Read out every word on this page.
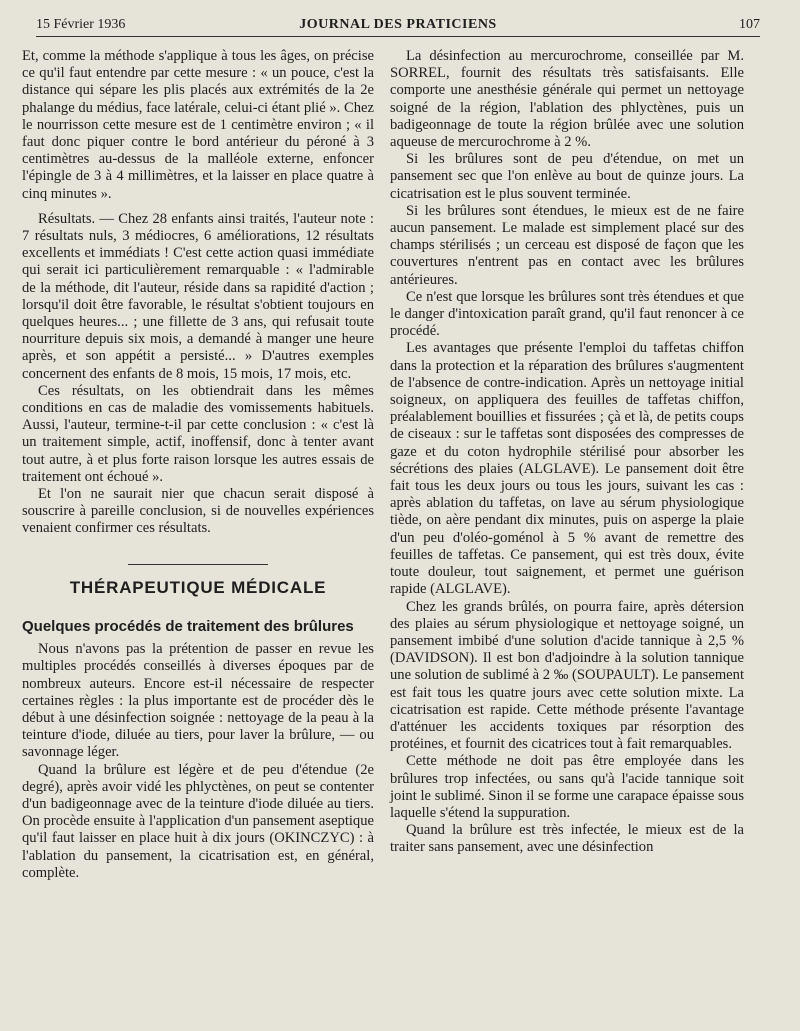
15 Février 1936	JOURNAL DES PRATICIENS	107

Et, comme la méthode s'applique à tous les âges, on précise ce qu'il faut entendre par cette mesure : « un pouce, c'est la distance qui sépare les plis placés aux extrémités de la 2e phalange du médius, face latérale, celui-ci étant plié ». Chez le nourrisson cette mesure est de 1 centimètre environ ; « il faut donc piquer contre le bord antérieur du péroné à 3 centimètres au-dessus de la malléole externe, enfoncer l'épingle de 3 à 4 millimètres, et la laisser en place quatre à cinq minutes ».

Résultats. — Chez 28 enfants ainsi traités, l'auteur note : 7 résultats nuls, 3 médiocres, 6 améliorations, 12 résultats excellents et immédiats ! C'est cette action quasi immédiate qui serait ici particulièrement remarquable : « l'admirable de la méthode, dit l'auteur, réside dans sa rapidité d'action ; lorsqu'il doit être favorable, le résultat s'obtient toujours en quelques heures... ; une fillette de 3 ans, qui refusait toute nourriture depuis six mois, a demandé à manger une heure après, et son appétit a persisté... » D'autres exemples concernent des enfants de 8 mois, 15 mois, 17 mois, etc.

Ces résultats, on les obtiendrait dans les mêmes conditions en cas de maladie des vomissements habituels. Aussi, l'auteur, termine-t-il par cette conclusion : « c'est là un traitement simple, actif, inoffensif, donc à tenter avant tout autre, à et plus forte raison lorsque les autres essais de traitement ont échoué ».

Et l'on ne saurait nier que chacun serait disposé à souscrire à pareille conclusion, si de nouvelles expériences venaient confirmer ces résultats.

THÉRAPEUTIQUE MÉDICALE
Quelques procédés de traitement des brûlures

Nous n'avons pas la prétention de passer en revue les multiples procédés conseillés à diverses époques par de nombreux auteurs. Encore est-il nécessaire de respecter certaines règles : la plus importante est de procéder dès le début à une désinfection soignée : nettoyage de la peau à la teinture d'iode, diluée au tiers, pour laver la brûlure, — ou savonnage léger.

Quand la brûlure est légère et de peu d'étendue (2e degré), après avoir vidé les phlyctènes, on peut se contenter d'un badigeonnage avec de la teinture d'iode diluée au tiers. On procède ensuite à l'application d'un pansement aseptique qu'il faut laisser en place huit à dix jours (OKINCZYC) : à l'ablation du pansement, la cicatrisation est, en général, complète.

La désinfection au mercurochrome, conseillée par M. SORREL, fournit des résultats très satisfaisants. Elle comporte une anesthésie générale qui permet un nettoyage soigné de la région, l'ablation des phlyctènes, puis un badigeonnage de toute la région brûlée avec une solution aqueuse de mercurochrome à 2 %.

Si les brûlures sont de peu d'étendue, on met un pansement sec que l'on enlève au bout de quinze jours. La cicatrisation est le plus souvent terminée.

Si les brûlures sont étendues, le mieux est de ne faire aucun pansement. Le malade est simplement placé sur des champs stérilisés ; un cerceau est disposé de façon que les couvertures n'entrent pas en contact avec les brûlures antérieures.

Ce n'est que lorsque les brûlures sont très étendues et que le danger d'intoxication paraît grand, qu'il faut renoncer à ce procédé.

Les avantages que présente l'emploi du taffetas chiffon dans la protection et la réparation des brûlures s'augmentent de l'absence de contre-indication. Après un nettoyage initial soigneux, on appliquera des feuilles de taffetas chiffon, préalablement bouillies et fissurées ; çà et là, de petits coups de ciseaux : sur le taffetas sont disposées des compresses de gaze et du coton hydrophile stérilisé pour absorber les sécrétions des plaies (ALGLAVE). Le pansement doit être fait tous les deux jours ou tous les jours, suivant les cas : après ablation du taffetas, on lave au sérum physiologique tiède, on aère pendant dix minutes, puis on asperge la plaie d'un peu d'oléo-goménol à 5 % avant de remettre des feuilles de taffetas. Ce pansement, qui est très doux, évite toute douleur, tout saignement, et permet une guérison rapide (ALGLAVE).

Chez les grands brûlés, on pourra faire, après détersion des plaies au sérum physiologique et nettoyage soigné, un pansement imbibé d'une solution d'acide tannique à 2,5 % (DAVIDSON). Il est bon d'adjoindre à la solution tannique une solution de sublimé à 2 ‰ (SOUPAULT). Le pansement est fait tous les quatre jours avec cette solution mixte. La cicatrisation est rapide. Cette méthode présente l'avantage d'atténuer les accidents toxiques par résorption des protéines, et fournit des cicatrices tout à fait remarquables.

Cette méthode ne doit pas être employée dans les brûlures trop infectées, ou sans qu'à l'acide tannique soit joint le sublimé. Sinon il se forme une carapace épaisse sous laquelle s'étend la suppuration.

Quand la brûlure est très infectée, le mieux est de la traiter sans pansement, avec une désinfection
